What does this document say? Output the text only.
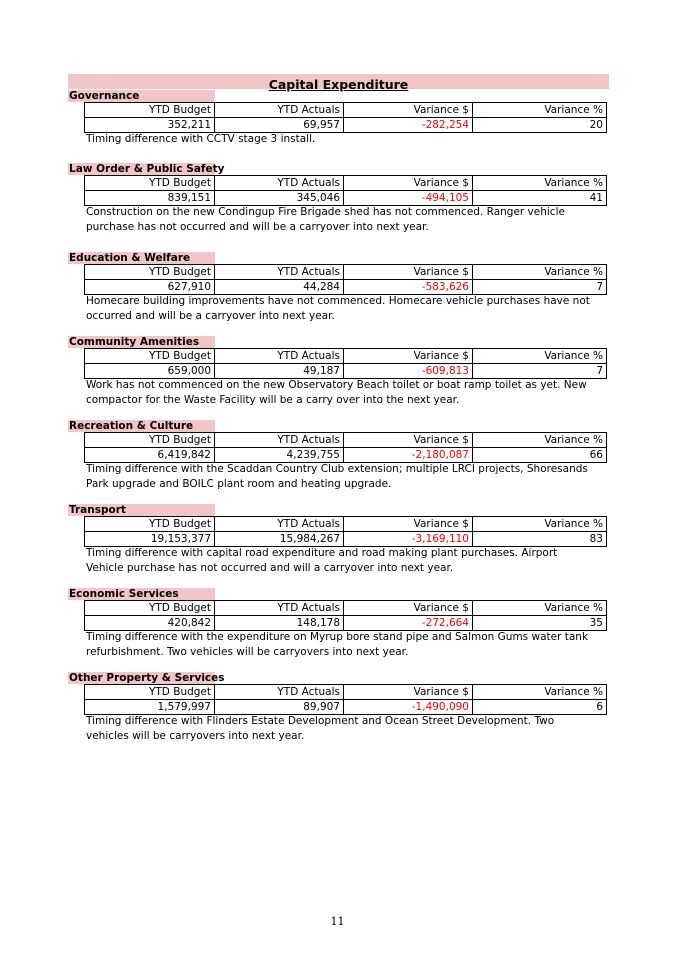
Capital Expenditure
Governance
YTD Budget	YTD Actuals	Variance $	Variance %
352,211	69,957	-282,254	20
Timing difference with CCTV stage 3 install.
Law Order & Public Safety
YTD Budget	YTD Actuals	Variance $	Variance %
839,151	345,046	-494,105	41
Construction on the new Condingup Fire Brigade shed has not commenced. Ranger vehicle purchase has not occurred and will be a carryover into next year.
Education & Welfare
YTD Budget	YTD Actuals	Variance $	Variance %
627,910	44,284	-583,626	7
Homecare building improvements have not commenced. Homecare vehicle purchases have not occurred and will be a carryover into next year.
Community Amenities
YTD Budget	YTD Actuals	Variance $	Variance %
659,000	49,187	-609,813	7
Work has not commenced on the new Observatory Beach toilet or boat ramp toilet as yet. New compactor for the Waste Facility will be a carry over into the next year.
Recreation & Culture
YTD Budget	YTD Actuals	Variance $	Variance %
6,419,842	4,239,755	-2,180,087	66
Timing difference with the Scaddan Country Club extension; multiple LRCI projects, Shoresands Park upgrade and BOILC plant room and heating upgrade.
Transport
YTD Budget	YTD Actuals	Variance $	Variance %
19,153,377	15,984,267	-3,169,110	83
Timing difference with capital road expenditure and road making plant purchases. Airport Vehicle purchase has not occurred and will a carryover into next year.
Economic Services
YTD Budget	YTD Actuals	Variance $	Variance %
420,842	148,178	-272,664	35
Timing difference with the expenditure on Myrup bore stand pipe and Salmon Gums water tank refurbishment. Two vehicles will be carryovers into next year.
Other Property & Services
YTD Budget	YTD Actuals	Variance $	Variance %
1,579,997	89,907	-1,490,090	6
Timing difference with Flinders Estate Development and Ocean Street Development. Two vehicles will be carryovers into next year.
11
